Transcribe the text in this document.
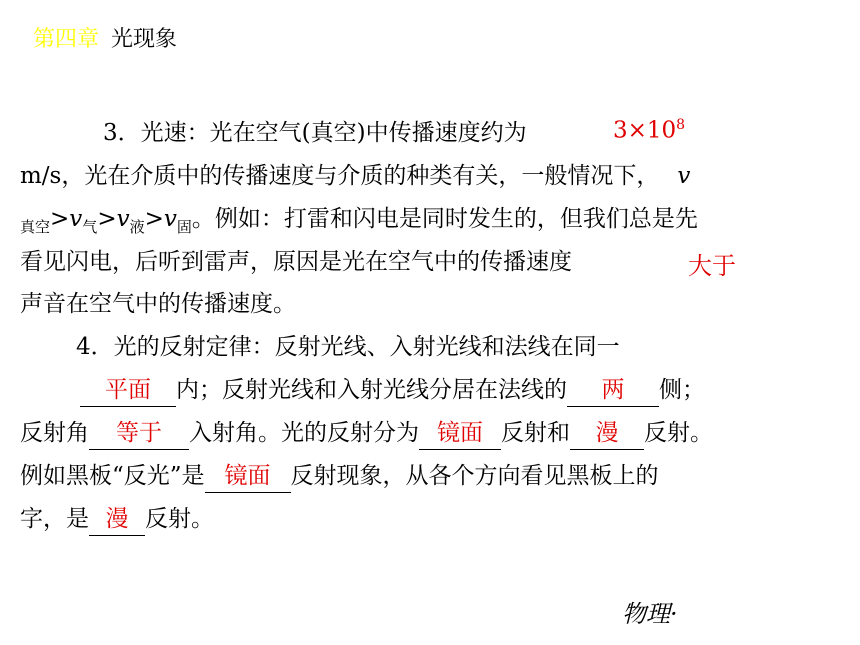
第四章 光现象
3．光速：光在空气(真空)中传播速度约为	$3\times 10^8$
m/s，光在介质中的传播速度与介质的种类有关，一般情况下， v
$_{真空}>v_气>v_液>v_固$。例如：打雷和闪电是同时发生的，但我们总是先
看见闪电，后听到雷声，原因是光在空气中的传播速度	大于
声音在空气中的传播速度。
4．光的反射定律：反射光线、入射光线和法线在同一
平面 内；反射光线和入射光线分居在法线的 两 侧；
反射角 等于 入射角。光的反射分为 镜面 反射和 漫 反射。
例如黑板“反光”是 镜面 反射现象，从各个方向看见黑板上的
字，是 漫 反射。
物理·
